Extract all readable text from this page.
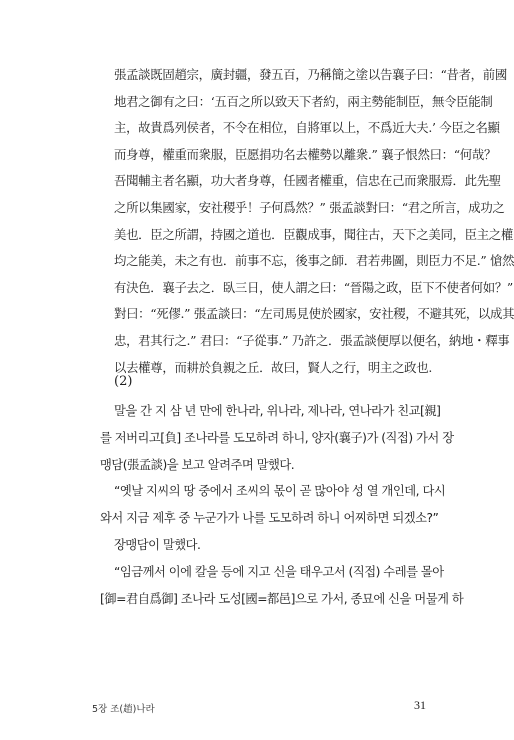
張孟談既固趙宗，廣封疆，發五百，乃稱簡之塗以告襄子曰：“昔者，前國
地君之御有之曰：‘五百之所以致天下者約，兩主勢能制臣，無令臣能制
主，故貴爲列侯者，不令在相位，自將軍以上，不爲近大夫.’ 今臣之名顯
而身尊，權重而衆服，臣愿捐功名去權勢以離衆.” 襄子恨然曰：“何哉？
吾聞輔主者名顯，功大者身尊，任國者權重，信忠在己而衆服焉．此先聖
之所以集國家，安社稷乎！子何爲然？” 張孟談對曰：“君之所言，成功之
美也．臣之所謂，持國之道也．臣觀成事，聞往古，天下之美同，臣主之權
均之能美，未之有也．前事不忘，後事之師．君若弗圖，則臣力不足.” 愴然
有決色．襄子去之．臥三日，使人謂之曰：“晉陽之政，臣下不使者何如？”
對曰：“死僇.” 張孟談曰：“左司馬見使於國家，安社稷，不避其死，以成其
忠，君其行之.” 君曰：“子從事.” 乃許之．張孟談便厚以便名，納地・釋事
以去權尊，而耕於負親之丘．故曰，賢人之行，明主之政也.
(2)
말을 간 지 삼 년 만에 한나라, 위나라, 제나라, 연나라가 친교[親]
를 저버리고[負] 조나라를 도모하려 하니, 양자(襄子)가 (직접) 가서 장
맹담(張孟談)을 보고 알려주며 말했다.
“옛날 지씨의 땅 중에서 조씨의 몫이 곧 많아야 성 열 개인데, 다시
와서 지금 제후 중 누군가가 나를 도모하려 하니 어찌하면 되겠소?”
장맹담이 말했다.
“임금께서 이에 칼을 등에 지고 신을 태우고서 (직접) 수레를 몰아
[御=君自爲御] 조나라 도성[國=都邑]으로 가서, 종묘에 신을 머물게 하
5장 조(趙)나라	31
